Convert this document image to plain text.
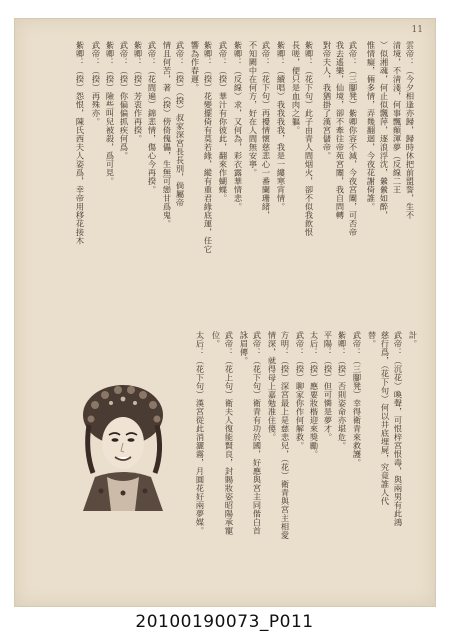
11
雲帝：（今夕相逢亦歸，歸時休把前盟誓，生不
清境，不淸淺，何事飄顛渾夢（反線二王
）似湘魂，何止似飄萍，逐浪浮沈，縈縈如醉，
惟情癡，倆多情，弄幾翻迴，今夜花謝倚誰。
武帝：（三腳凳）紫卿你容不減，今夜宮闈，可否帝
我去遙樂，仙境，卻不牽往帝苑宮闈，我自問轉
對帝夫人，我猶掛了漢宮儲帝。
紫卿：（花下句）此子由青人間烟火，卻不似我飲恨
長嗟，便只是血肉之軀。
紫卿：（續唱）我我我我，我是一縷寒宵情。
武帝：（花下句）再擾情懷慈悲心一番闌珊緒，
不知闕中在何方，好在人間無安寧。
紫卿：（反線）求，又何為，彩衣露華情悲。
武帝：（揆）華汁有你彼此，翻來作蝴蝶。
紫卿：（揆）花變擺倚有莫若緣，縱有重君緣底運，任它
響為作春遲。
武帝：（揆）（揆）叔家深宮長長別，倘屬帝
情且何苦，著（揆）傍倚傀儡，生無可戀甘爲鬼。
武帝：（花間遍）錦悲情，傷心今再揆。
紫卿：（揆）芳衷作再揆。
武帝：（揆）你偏偏抓疾何爲。
紫卿：（揆）險些叫兒被殺，爲可見。
武帝：（揆）再殊亦。
紫卿：（揆）怨恨，陳氏西夫人姿爲，幸帝用移花接木
計。
武帝：（沉花）喚聲，可恨梓宮恨毒，與兩男有此鴻
慈行爲，（花下句）何以井底埋屍，究竟誰人代
替。
武帝：（三腳凳）幸得衛青來救護。
紫卿：（揆）否則姿命亦堪危。
平陽：（揆）但可憐是夢才。
太后：（揆）應要妝楷迎來獎勵。
武帝：（揆）聊家你作何解救。
方明：（揆）深宮最上是慈悲兒，（花）衛青與宮主相愛
情深，就得母上嘉勉准住傻。
武帝：（花下句）衛青有功於國，好應與宮主同偕白首
詠眉傳。
武帝：（花上句）衛夫人復能賢良，封賜妝姿昭陽承寵
位。
太后：（花下句）漢宮從此消灑霧，月圓花好兩夢媒。
20100190073_P011
